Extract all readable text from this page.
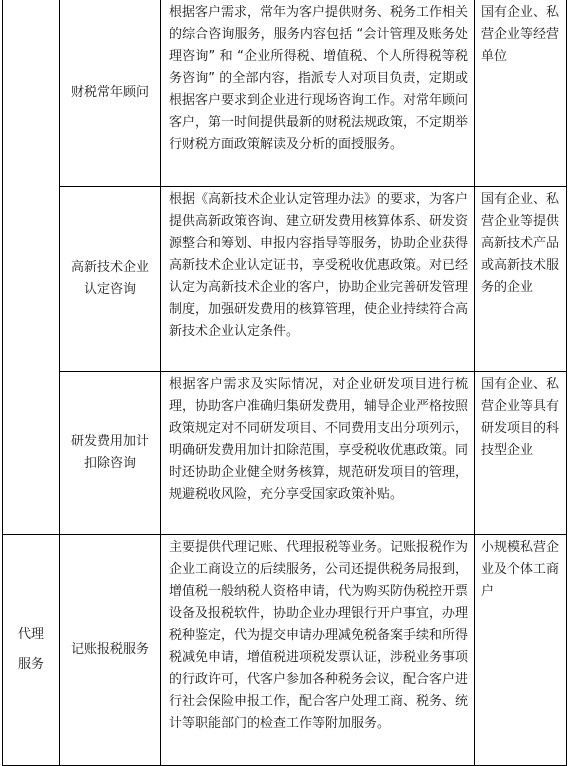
	财税常年顾问	根据客户需求，常年为客户提供财务、税务工作相关的综合咨询服务，服务内容包括 “会计管理及账务处理咨询” 和 “企业所得税、增值税、个人所得税等税务咨询” 的全部内容，指派专人对项目负责，定期或根据客户要求到企业进行现场咨询工作。对常年顾问客户，第一时间提供最新的财税法规政策，不定期举行财税方面政策解读及分析的面授服务。	国有企业、私营企业等经营单位
	高新技术企业认定咨询	根据《高新技术企业认定管理办法》的要求，为客户提供高新政策咨询、建立研发费用核算体系、研发资源整合和筹划、申报内容指导等服务，协助企业获得高新技术企业认定证书，享受税收优惠政策。对已经认定为高新技术企业的客户，协助企业完善研发管理制度，加强研发费用的核算管理，使企业持续符合高新技术企业认定条件。	国有企业、私营企业等提供高新技术产品或高新技术服务的企业
	研发费用加计扣除咨询	根据客户需求及实际情况，对企业研发项目进行梳理，协助客户准确归集研发费用，辅导企业严格按照政策规定对不同研发项目、不同费用支出分项列示，明确研发费用加计扣除范围，享受税收优惠政策。同时还协助企业健全财务核算，规范研发项目的管理，规避税收风险，充分享受国家政策补贴。	国有企业、私营企业等具有研发项目的科技型企业
代理服务	记账报税服务	主要提供代理记账、代理报税等业务。记账报税作为企业工商设立的后续服务，公司还提供税务局报到，增值税一般纳税人资格申请，代为购买防伪税控开票设备及报税软件，协助企业办理银行开户事宜，办理税种鉴定，代为提交申请办理减免税备案手续和所得税减免申请，增值税进项税发票认证，涉税业务事项的行政许可，代客户参加各种税务会议，配合客户进行社会保险申报工作，配合客户处理工商、税务、统计等职能部门的检查工作等附加服务。	小规模私营企业及个体工商户
